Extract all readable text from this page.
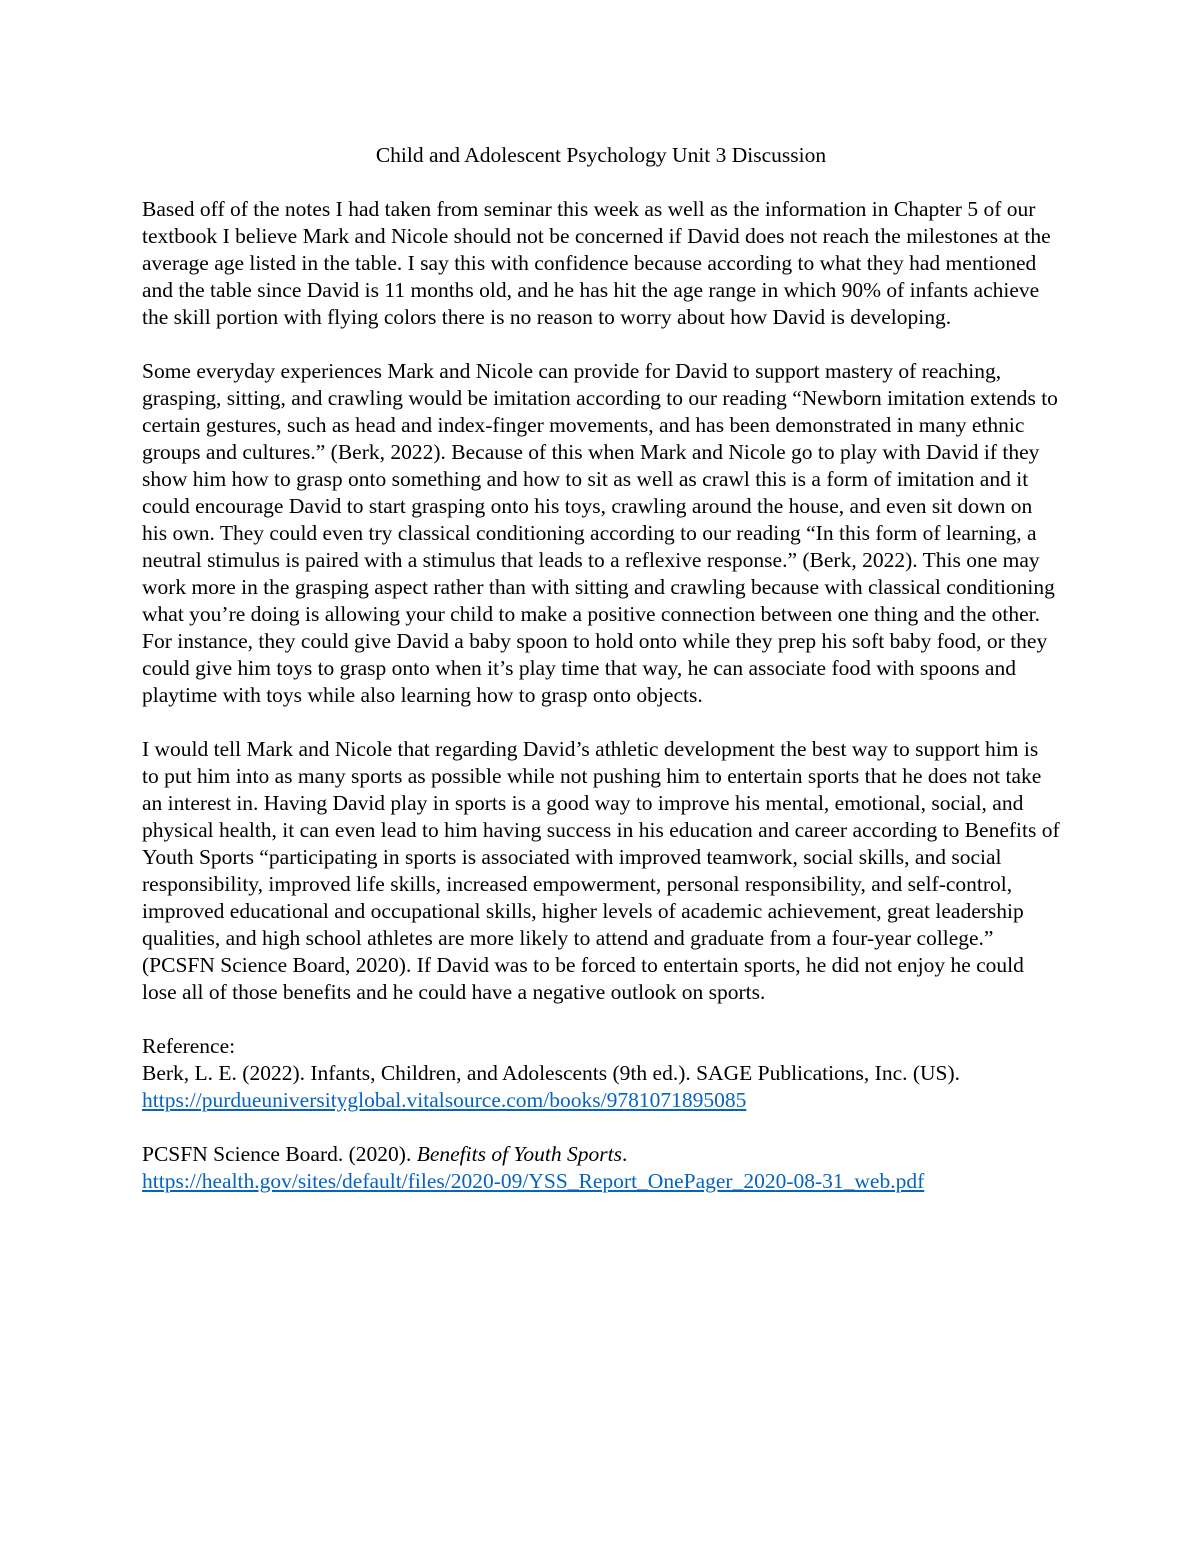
Child and Adolescent Psychology Unit 3 Discussion

Based off of the notes I had taken from seminar this week as well as the information in Chapter 5 of our textbook I believe Mark and Nicole should not be concerned if David does not reach the milestones at the average age listed in the table. I say this with confidence because according to what they had mentioned and the table since David is 11 months old, and he has hit the age range in which 90% of infants achieve the skill portion with flying colors there is no reason to worry about how David is developing.

Some everyday experiences Mark and Nicole can provide for David to support mastery of reaching, grasping, sitting, and crawling would be imitation according to our reading “Newborn imitation extends to certain gestures, such as head and index-finger movements, and has been demonstrated in many ethnic groups and cultures.” (Berk, 2022). Because of this when Mark and Nicole go to play with David if they show him how to grasp onto something and how to sit as well as crawl this is a form of imitation and it could encourage David to start grasping onto his toys, crawling around the house, and even sit down on his own. They could even try classical conditioning according to our reading “In this form of learning, a neutral stimulus is paired with a stimulus that leads to a reflexive response.” (Berk, 2022). This one may work more in the grasping aspect rather than with sitting and crawling because with classical conditioning what you’re doing is allowing your child to make a positive connection between one thing and the other. For instance, they could give David a baby spoon to hold onto while they prep his soft baby food, or they could give him toys to grasp onto when it’s play time that way, he can associate food with spoons and playtime with toys while also learning how to grasp onto objects.

I would tell Mark and Nicole that regarding David’s athletic development the best way to support him is to put him into as many sports as possible while not pushing him to entertain sports that he does not take an interest in. Having David play in sports is a good way to improve his mental, emotional, social, and physical health, it can even lead to him having success in his education and career according to Benefits of Youth Sports “participating in sports is associated with improved teamwork, social skills, and social responsibility, improved life skills, increased empowerment, personal responsibility, and self-control, improved educational and occupational skills, higher levels of academic achievement, great leadership qualities, and high school athletes are more likely to attend and graduate from a four-year college.” (PCSFN Science Board, 2020). If David was to be forced to entertain sports, he did not enjoy he could lose all of those benefits and he could have a negative outlook on sports.

Reference:
Berk, L. E. (2022). Infants, Children, and Adolescents (9th ed.). SAGE Publications, Inc. (US).
https://purdueuniversityglobal.vitalsource.com/books/9781071895085
PCSFN Science Board. (2020). Benefits of Youth Sports.
https://health.gov/sites/default/files/2020-09/YSS_Report_OnePager_2020-08-31_web.pdf
